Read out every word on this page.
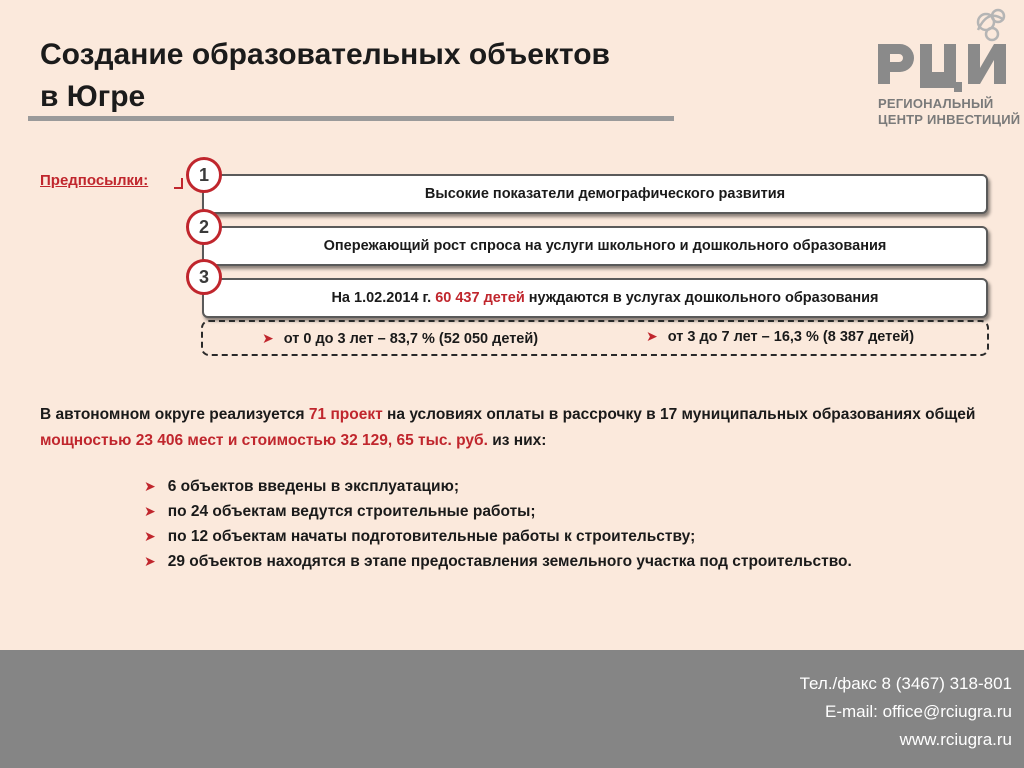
Создание образовательных объектов
в Югре	РЕГИОНАЛЬНЫЙ
ЦЕНТР ИНВЕСТИЦИЙ
Предпосылки:
Высокие показатели демографического развития
1
Опережающий рост спроса на услуги школьного и дошкольного образования
2
На 1.02.2014 г.
60 437 детей
нуждаются в услугах дошкольного образования
3
➤ от 0 до 3 лет – 83,7 % (52 050 детей)	➤ от 3 до 7 лет – 16,3 % (8 387 детей)
В автономном округе реализуется 71 проект на условиях оплаты в рассрочку в 17 муниципальных образованиях общей мощностью 23 406 мест и стоимостью 32 129, 65 тыс. руб. из них:
➤ 6 объектов введены в эксплуатацию;
➤ по 24 объектам ведутся строительные работы;
➤ по 12 объектам начаты подготовительные работы к строительству;
➤ 29 объектов находятся в этапе предоставления земельного участка под строительство.
Тел./факс 8 (3467) 318-801
E-mail: office@rciugra.ru
www.rciugra.ru
